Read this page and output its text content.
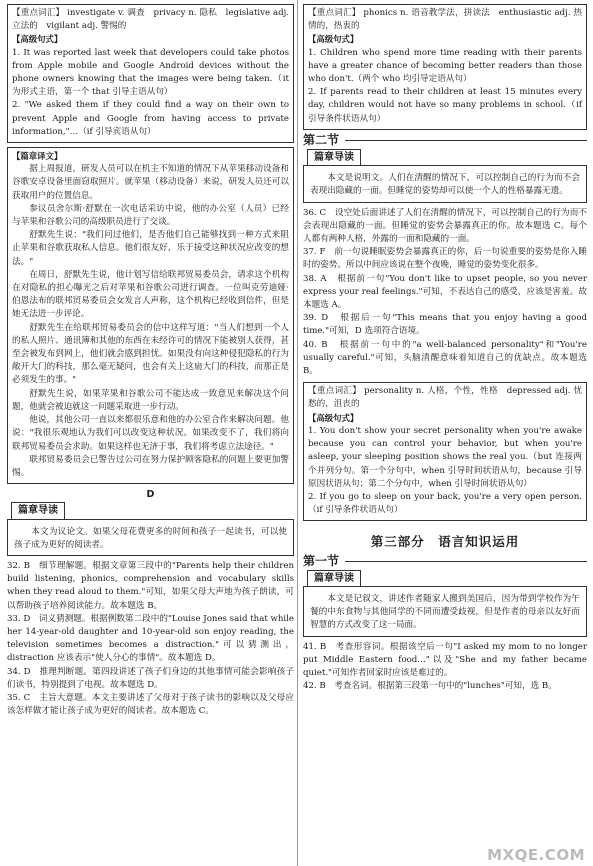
【重点词汇】 investigate v. 调查　privacy n. 隐私　legislative adj. 立法的　vigilant adj. 警惕的

【高级句式】

1. It was reported last week that developers could take photos from Apple mobile and Google Android devices without the phone owners knowing that the images were being taken.（it 为形式主语，第一个 that 引导主语从句）

2. "We asked them if they could find a way on their own to prevent Apple and Google from having access to private information,"…（if 引导宾语从句）

【篇章译文】

据上周报道，研发人员可以在机主不知道的情况下从苹果移动设备和谷歌安卓设备里面窃取照片。就苹果（移动设备）来说，研发人员还可以获取用户的位置信息。

参议员舍尔斯·舒默在一次电话采访中说，他的办公室（人员）已经与苹果和谷歌公司的高级职员进行了交谈。

舒默先生说："我们问过他们，是否他们自己能够找到一种方式来阻止苹果和谷歌获取私人信息。他们很友好，乐于接受这种状况应改变的想法。"

在周日，舒默先生说，他计划写信给联邦贸易委员会，请求这个机构在对隐私的担心曝光之后对苹果和谷歌公司进行调查。一位叫克劳迪娅·伯恩法布的联邦贸易委员会女发言人声称，这个机构已经收到信件，但是她无法进一步评论。

舒默先生在给联邦贸易委员会的信中这样写道："当人们想到一个人的私人照片、通讯簿和其他的东西在未经许可的情况下能被别人获得，甚至会被发布到网上，他们就会感到担忧。如果没有向这种侵犯隐私的行为敞开大门的科技，那么毫无疑问，也会有关上这扇大门的科技，而那正是必须发生的事。"

舒默先生说，如果苹果和谷歌公司不能达成一致意见来解决这个问题，他就会被迫就这一问题采取进一步行动。

他说，其他公司一直以来都很乐意和他的办公室合作来解决问题。他说："我很乐观地认为我们可以改变这种状况。如果改变不了，我们将向联邦贸易委员会求助。如果这样也无济于事，我们将考虑立法途径。"

联邦贸易委员会已警告过公司在努力保护顾客隐私的问题上要更加警惕。

D
篇章导读

本文为议论文。如果父母花费更多的时间和孩子一起读书，可以使孩子成为更好的阅读者。

32. B　细节理解题。根据文章第三段中的"Parents help their children build listening, phonics, comprehension and vocabulary skills when they read aloud to them."可知，如果父母大声地为孩子朗读，可以帮助孩子培养阅读能力。故本题选 B。

33. D　词义猜测题。根据例数第二段中的"Louise Jones said that while her 14-year-old daughter and 10-year-old son enjoy reading, the television sometimes becomes a distraction."可以猜测出，distraction 应该表示"使人分心的事情"。故本题选 D。

34. D　推理判断题。第四段讲述了孩子们身边的其他事情可能会影响孩子们读书，特别提到了电视。故本题选 D。

35. C　主旨大意题。本文主要讲述了父母对于孩子读书的影响以及父母应该怎样做才能让孩子成为更好的阅读者。故本题选 C。

【重点词汇】 phonics n. 语音教学法，拼读法　enthusiastic adj. 热情的，热衷的

【高级句式】

1. Children who spend more time reading with their parents have a greater chance of becoming better readers than those who don't.（两个 who 均引导定语从句）

2. If parents read to their children at least 15 minutes every day, children would not have so many problems in school.（if 引导条件状语从句）

第二节
篇章导读

本文是说明文。人们在清醒的情况下，可以控制自己的行为而不会表现出隐藏的一面。但睡觉的姿势却可以使一个人的性格暴露无遗。

36. C　设空处后面讲述了人们在清醒的情况下，可以控制自己的行为而不会表现出隐藏的一面。但睡觉的姿势会暴露真正的你。故本题选 C。每个人都有两种人格，外露的一面和隐藏的一面。

37. F　前一句说睡眠姿势会暴露真正的你，后一句说重要的姿势是你入睡时的姿势。所以中间应该说在整个夜晚，睡觉的姿势变化很多。

38. A　根据前一句"You don't like to upset people, so you never express your real feelings."可知，不表达自己的感受，应该是害羞。故本题选 A。

39. D　根据后一句"This means that you enjoy having a good time."可知，D 选项符合语境。

40. B　根据前一句中的"a well-balanced personality"和"You're usually careful."可知，头脑清醒意味着知道自己的优缺点。故本题选 B。

【重点词汇】 personality n. 人格，个性，性格　depressed adj. 忧愁的，沮丧的

【高级句式】

1. You don't show your secret personality when you're awake because you can control your behavior, but when you're asleep, your sleeping position shows the real you.（but 连接两个并列分句。第一个分句中，when 引导时间状语从句，because 引导原因状语从句；第二个分句中，when 引导时间状语从句）

2. If you go to sleep on your back, you're a very open person.（if 引导条件状语从句）

第三部分　语言知识运用
第一节
篇章导读

本文是记叙文，讲述作者随家人搬到美国后，因为带到学校作为午餐的中东食物与其他同学的不同而遭受歧视，但是作者的母亲以友好而智慧的方式改变了这一局面。

41. B　考查形容词。根据该空后一句"I asked my mom to no longer put Middle Eastern food…"以及"She and my father became quiet."可知作者回家时应该是难过的。

42. B　考查名词。根据第三段第一句中的"lunches"可知，选 B。

MXQE.COM
